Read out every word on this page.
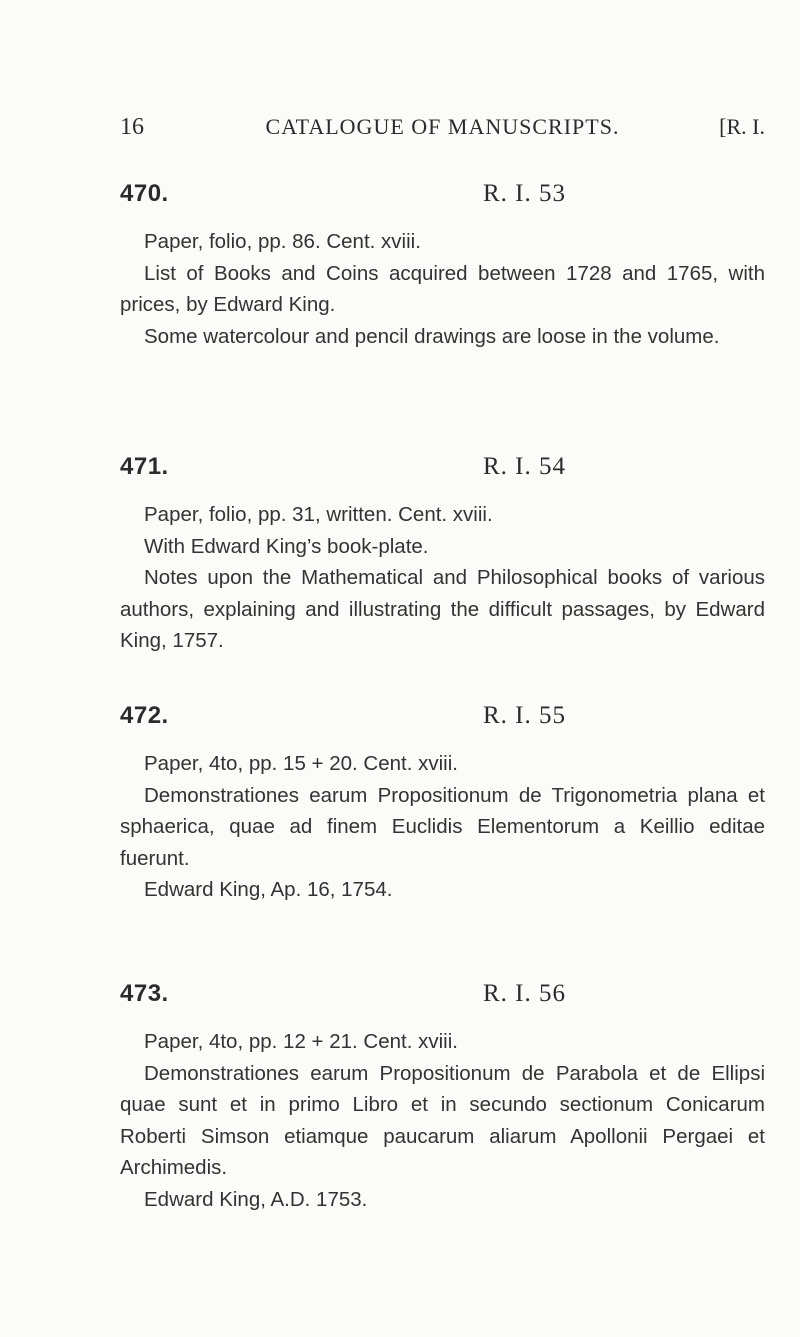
16	CATALOGUE OF MANUSCRIPTS.	[R. I.
470.	R. I. 53

Paper, folio, pp. 86. Cent. xviii.

List of Books and Coins acquired between 1728 and 1765, with prices, by Edward King.

Some watercolour and pencil drawings are loose in the volume.

471.	R. I. 54

Paper, folio, pp. 31, written. Cent. xviii.

With Edward King’s book-plate.

Notes upon the Mathematical and Philosophical books of various authors, explaining and illustrating the difficult passages, by Edward King, 1757.

472.	R. I. 55

Paper, 4to, pp. 15 + 20. Cent. xviii.

Demonstrationes earum Propositionum de Trigonometria plana et sphaerica, quae ad finem Euclidis Elementorum a Keillio editae fuerunt.

Edward King, Ap. 16, 1754.

473.	R. I. 56

Paper, 4to, pp. 12 + 21. Cent. xviii.

Demonstrationes earum Propositionum de Parabola et de Ellipsi quae sunt et in primo Libro et in secundo sectionum Conicarum Roberti Simson etiamque paucarum aliarum Apollonii Pergaei et Archimedis.

Edward King, A.D. 1753.
